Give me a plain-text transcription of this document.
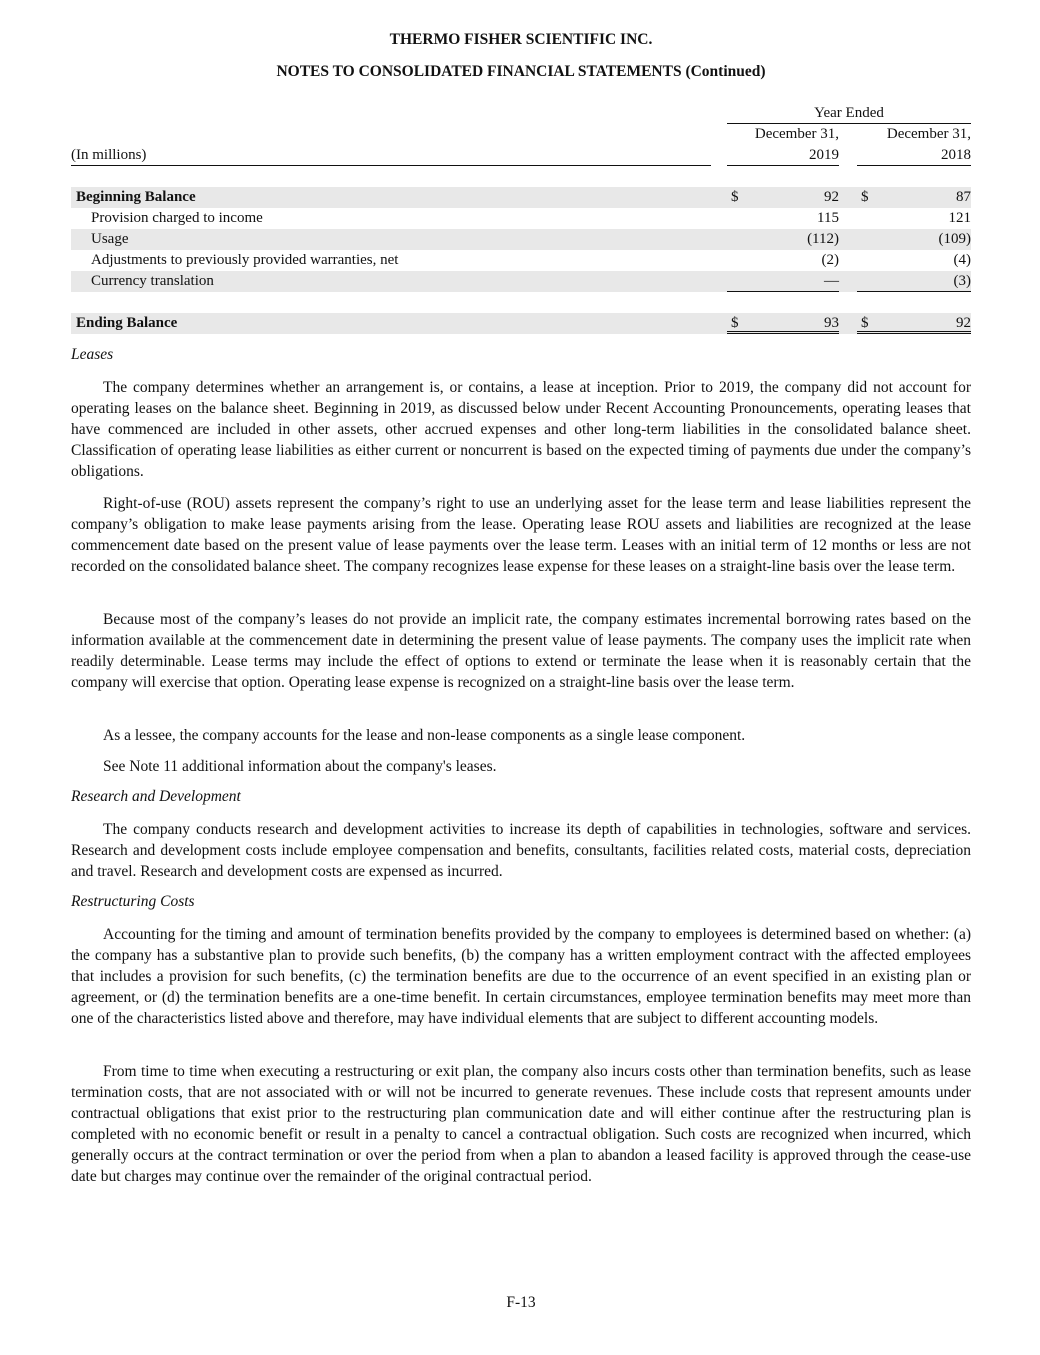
THERMO FISHER SCIENTIFIC INC.
NOTES TO CONSOLIDATED FINANCIAL STATEMENTS (Continued)
Year Ended
December 31,	December 31,
(In millions)	2019	2018
Beginning Balance	$	92 $	87
Provision charged to income	115	121
Usage	(112)	(109)
Adjustments to previously provided warranties, net	(2)	(4)
Currency translation	—	(3)
Ending Balance	$	93 $	92
Leases

The company determines whether an arrangement is, or contains, a lease at inception. Prior to 2019, the company did not account for operating leases on the balance sheet. Beginning in 2019, as discussed below under Recent Accounting Pronouncements, operating leases that have commenced are included in other assets, other accrued expenses and other long-term liabilities in the consolidated balance sheet. Classification of operating lease liabilities as either current or noncurrent is based on the expected timing of payments due under the company’s obligations.

Right-of-use (ROU) assets represent the company’s right to use an underlying asset for the lease term and lease liabilities represent the company’s obligation to make lease payments arising from the lease. Operating lease ROU assets and liabilities are recognized at the lease commencement date based on the present value of lease payments over the lease term. Leases with an initial term of 12 months or less are not recorded on the consolidated balance sheet. The company recognizes lease expense for these leases on a straight-line basis over the lease term.

Because most of the company’s leases do not provide an implicit rate, the company estimates incremental borrowing rates based on the information available at the commencement date in determining the present value of lease payments. The company uses the implicit rate when readily determinable. Lease terms may include the effect of options to extend or terminate the lease when it is reasonably certain that the company will exercise that option. Operating lease expense is recognized on a straight-line basis over the lease term.

As a lessee, the company accounts for the lease and non-lease components as a single lease component.

See Note 11 additional information about the company's leases.

Research and Development

The company conducts research and development activities to increase its depth of capabilities in technologies, software and services. Research and development costs include employee compensation and benefits, consultants, facilities related costs, material costs, depreciation and travel. Research and development costs are expensed as incurred.

Restructuring Costs

Accounting for the timing and amount of termination benefits provided by the company to employees is determined based on whether: (a) the company has a substantive plan to provide such benefits, (b) the company has a written employment contract with the affected employees that includes a provision for such benefits, (c) the termination benefits are due to the occurrence of an event specified in an existing plan or agreement, or (d) the termination benefits are a one-time benefit. In certain circumstances, employee termination benefits may meet more than one of the characteristics listed above and therefore, may have individual elements that are subject to different accounting models.

From time to time when executing a restructuring or exit plan, the company also incurs costs other than termination benefits, such as lease termination costs, that are not associated with or will not be incurred to generate revenues. These include costs that represent amounts under contractual obligations that exist prior to the restructuring plan communication date and will either continue after the restructuring plan is completed with no economic benefit or result in a penalty to cancel a contractual obligation. Such costs are recognized when incurred, which generally occurs at the contract termination or over the period from when a plan to abandon a leased facility is approved through the cease-use date but charges may continue over the remainder of the original contractual period.

F-13
